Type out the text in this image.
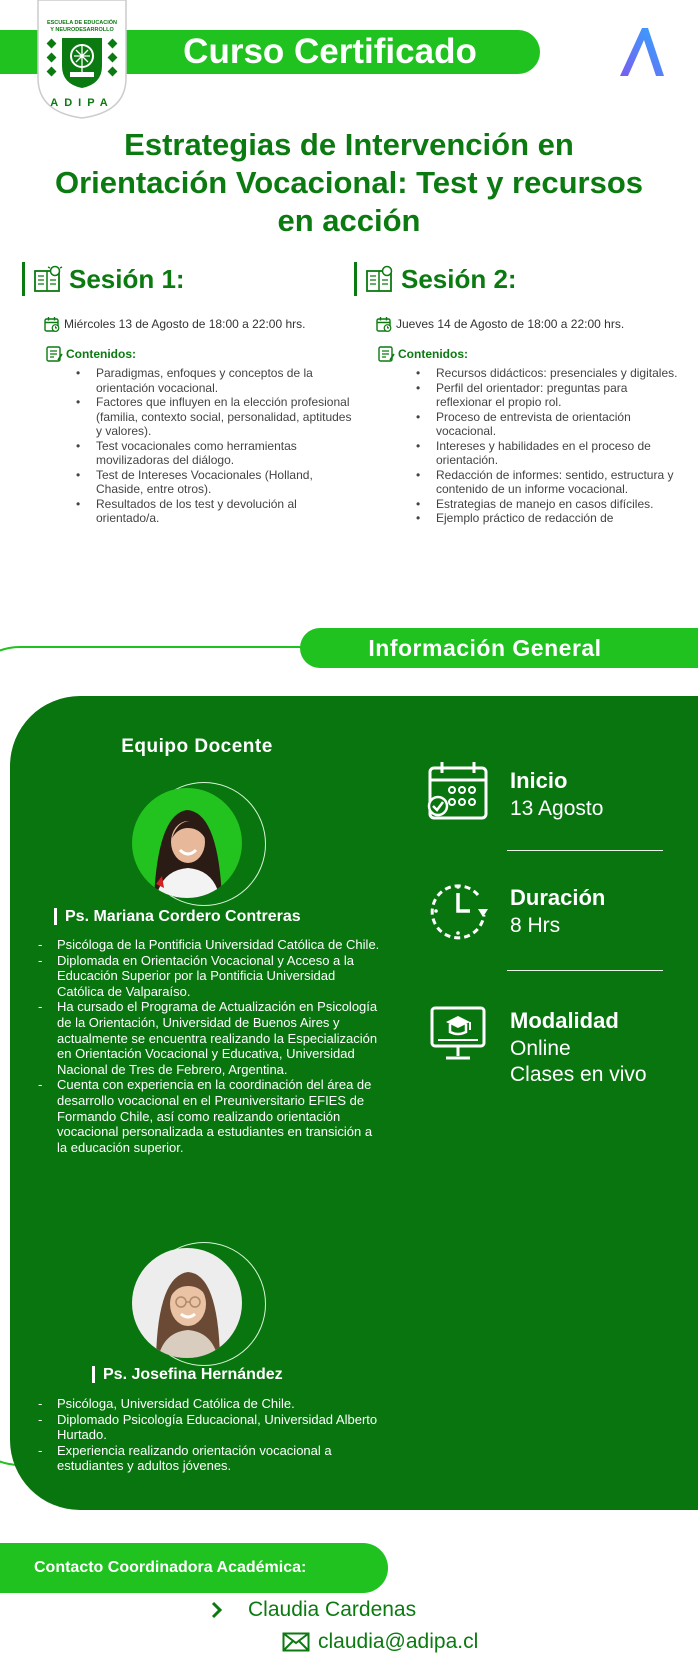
Curso Certificado
ESCUELA DE EDUCACIÓN
Y NEURODESARROLLO
ADIPA
Estrategias de Intervención en
Orientación Vocacional: Test y recursos
en acción
Sesión 1:
Miércoles 13 de Agosto de 18:00 a 22:00 hrs.
Contenidos:
• Paradigmas, enfoques y conceptos de la orientación vocacional.
• Factores que influyen en la elección profesional (familia, contexto social, personalidad, aptitudes y valores).
• Test vocacionales como herramientas movilizadoras del diálogo.
• Test de Intereses Vocacionales (Holland, Chaside, entre otros).
• Resultados de los test y devolución al orientado/a.
Sesión 2:
Jueves 14 de Agosto de 18:00 a 22:00 hrs.
Contenidos:
• Recursos didácticos: presenciales y digitales.
• Perfil del orientador: preguntas para reflexionar el propio rol.
• Proceso de entrevista de orientación vocacional.
• Intereses y habilidades en el proceso de orientación.
• Redacción de informes: sentido, estructura y contenido de un informe vocacional.
• Estrategias de manejo en casos difíciles.
• Ejemplo práctico de redacción de
Información General
Equipo Docente
Ps. Mariana Cordero Contreras
- Psicóloga de la Pontificia Universidad Católica de Chile.
- Diplomada en Orientación Vocacional y Acceso a la Educación Superior por la Pontificia Universidad Católica de Valparaíso.
- Ha cursado el Programa de Actualización en Psicología de la Orientación, Universidad de Buenos Aires y actualmente se encuentra realizando la Especialización en Orientación Vocacional y Educativa, Universidad Nacional de Tres de Febrero, Argentina.
- Cuenta con experiencia en la coordinación del área de desarrollo vocacional en el Preuniversitario EFIES de Formando Chile, así como realizando orientación vocacional personalizada a estudiantes en transición a la educación superior.
Ps. Josefina Hernández
- Psicóloga, Universidad Católica de Chile.
- Diplomado Psicología Educacional, Universidad Alberto Hurtado.
- Experiencia realizando orientación vocacional a estudiantes y adultos jóvenes.
Inicio
13 Agosto
Duración
8 Hrs
Modalidad
Online
Clases en vivo
Contacto Coordinadora Académica:
Claudia Cardenas
claudia@adipa.cl
